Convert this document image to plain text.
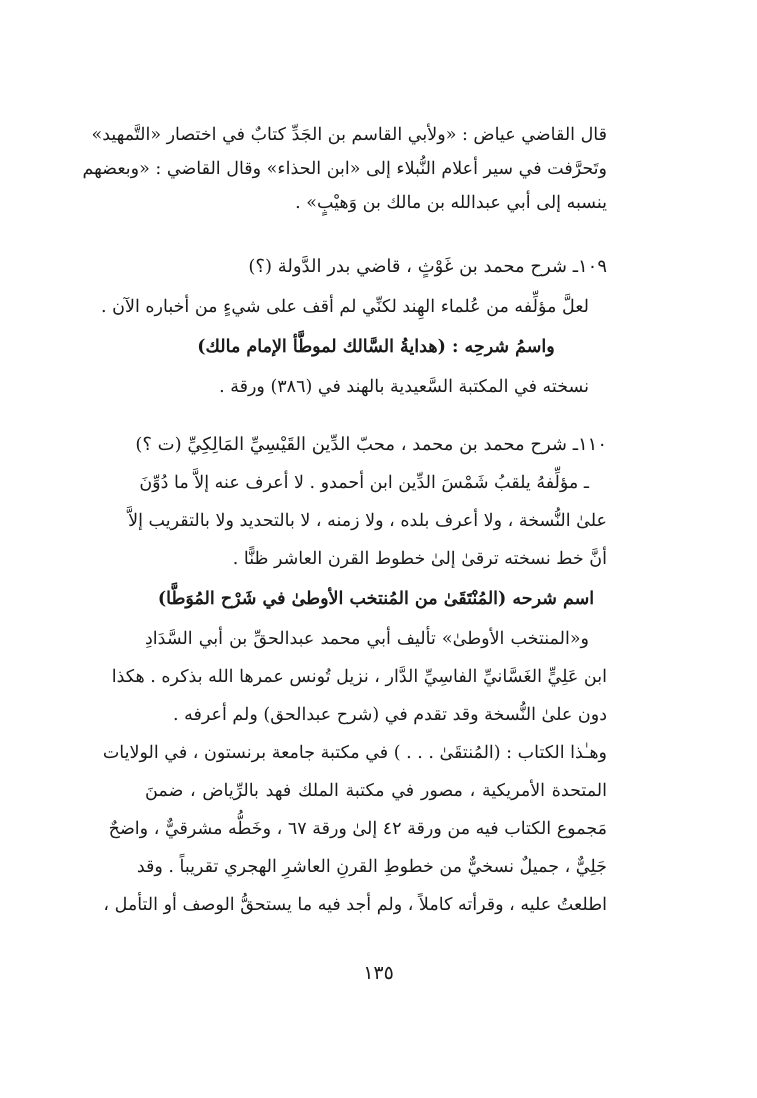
قال القاضي عياض : «ولأبي القاسم بن الجَدِّ كتابٌ في اختصار «التَّمهيد»
وتَحرَّفت في سير أعلام النُّبلاء إلى «ابن الحذاء» وقال القاضي : «وبعضهم
ينسبه إلى أبي عبدالله بن مالك بن وَهيْبٍ» .
١٠٩ـ شرح محمد بن غَوْثٍ ، قاضي بدر الدَّولة (؟)
لعلَّ مؤلِّفه من عُلماء الهِند لكنِّي لم أقف على شيءٍ من أخباره الآن .
واسمُ شرحِه : (هدايةُ السَّالك لموطَّأ الإمام مالك)
نسخته في المكتبة السَّعيدية بالهند في (٣٨٦) ورقة .
١١٠ـ شرح محمد بن محمد ، محبّ الدِّين القَيْسِيِّ المَالِكِيِّ (ت ؟)
ـ مؤلِّفهُ يلقبُ شَمْسَ الدِّين ابن أحمدو . لا أعرف عنه إلاَّ ما دُوِّنَ
علىٰ النُّسخة ، ولا أعرف بلده ، ولا زمنه ، لا بالتحديد ولا بالتقريب إلاَّ
أنَّ خط نسخته ترقىٰ إلىٰ خطوط القرن العاشر ظنًّا .
اسم شرحه (المُنْتَقَىٰ من المُنتخب الأوطىٰ في شَرْح المُوَطَّا)
و«المنتخب الأوطىٰ» تأليف أبي محمد عبدالحقِّ بن أبي السَّدَادِ
ابن عَلِيٍّ الغَسَّانيِّ الفاسِيِّ الدَّار ، نزيل تُونس عمرها الله بذكره . هكذا
دون علىٰ النُّسخة وقد تقدم في (شرح عبدالحق) ولم أعرفه .
وهـٰذا الكتاب : (المُنتقَىٰ . . . ) في مكتبة جامعة برنستون ، في الولايات
المتحدة الأمريكية ، مصور في مكتبة الملك فهد بالرِّياض ، ضمنَ
مَجموع الكتاب فيه من ورقة ٤٢ إلىٰ ورقة ٦٧ ، وخَطُّه مشرقيٌّ ، واضحٌ
جَلِيٌّ ، جميلٌ نسخيٌّ من خطوطِ القرنِ العاشرِ الهجري تقريباً . وقد
اطلعتُ عليه ، وقرأته كاملاً ، ولم أجد فيه ما يستحقُّ الوصف أو التأمل ،
١٣٥
